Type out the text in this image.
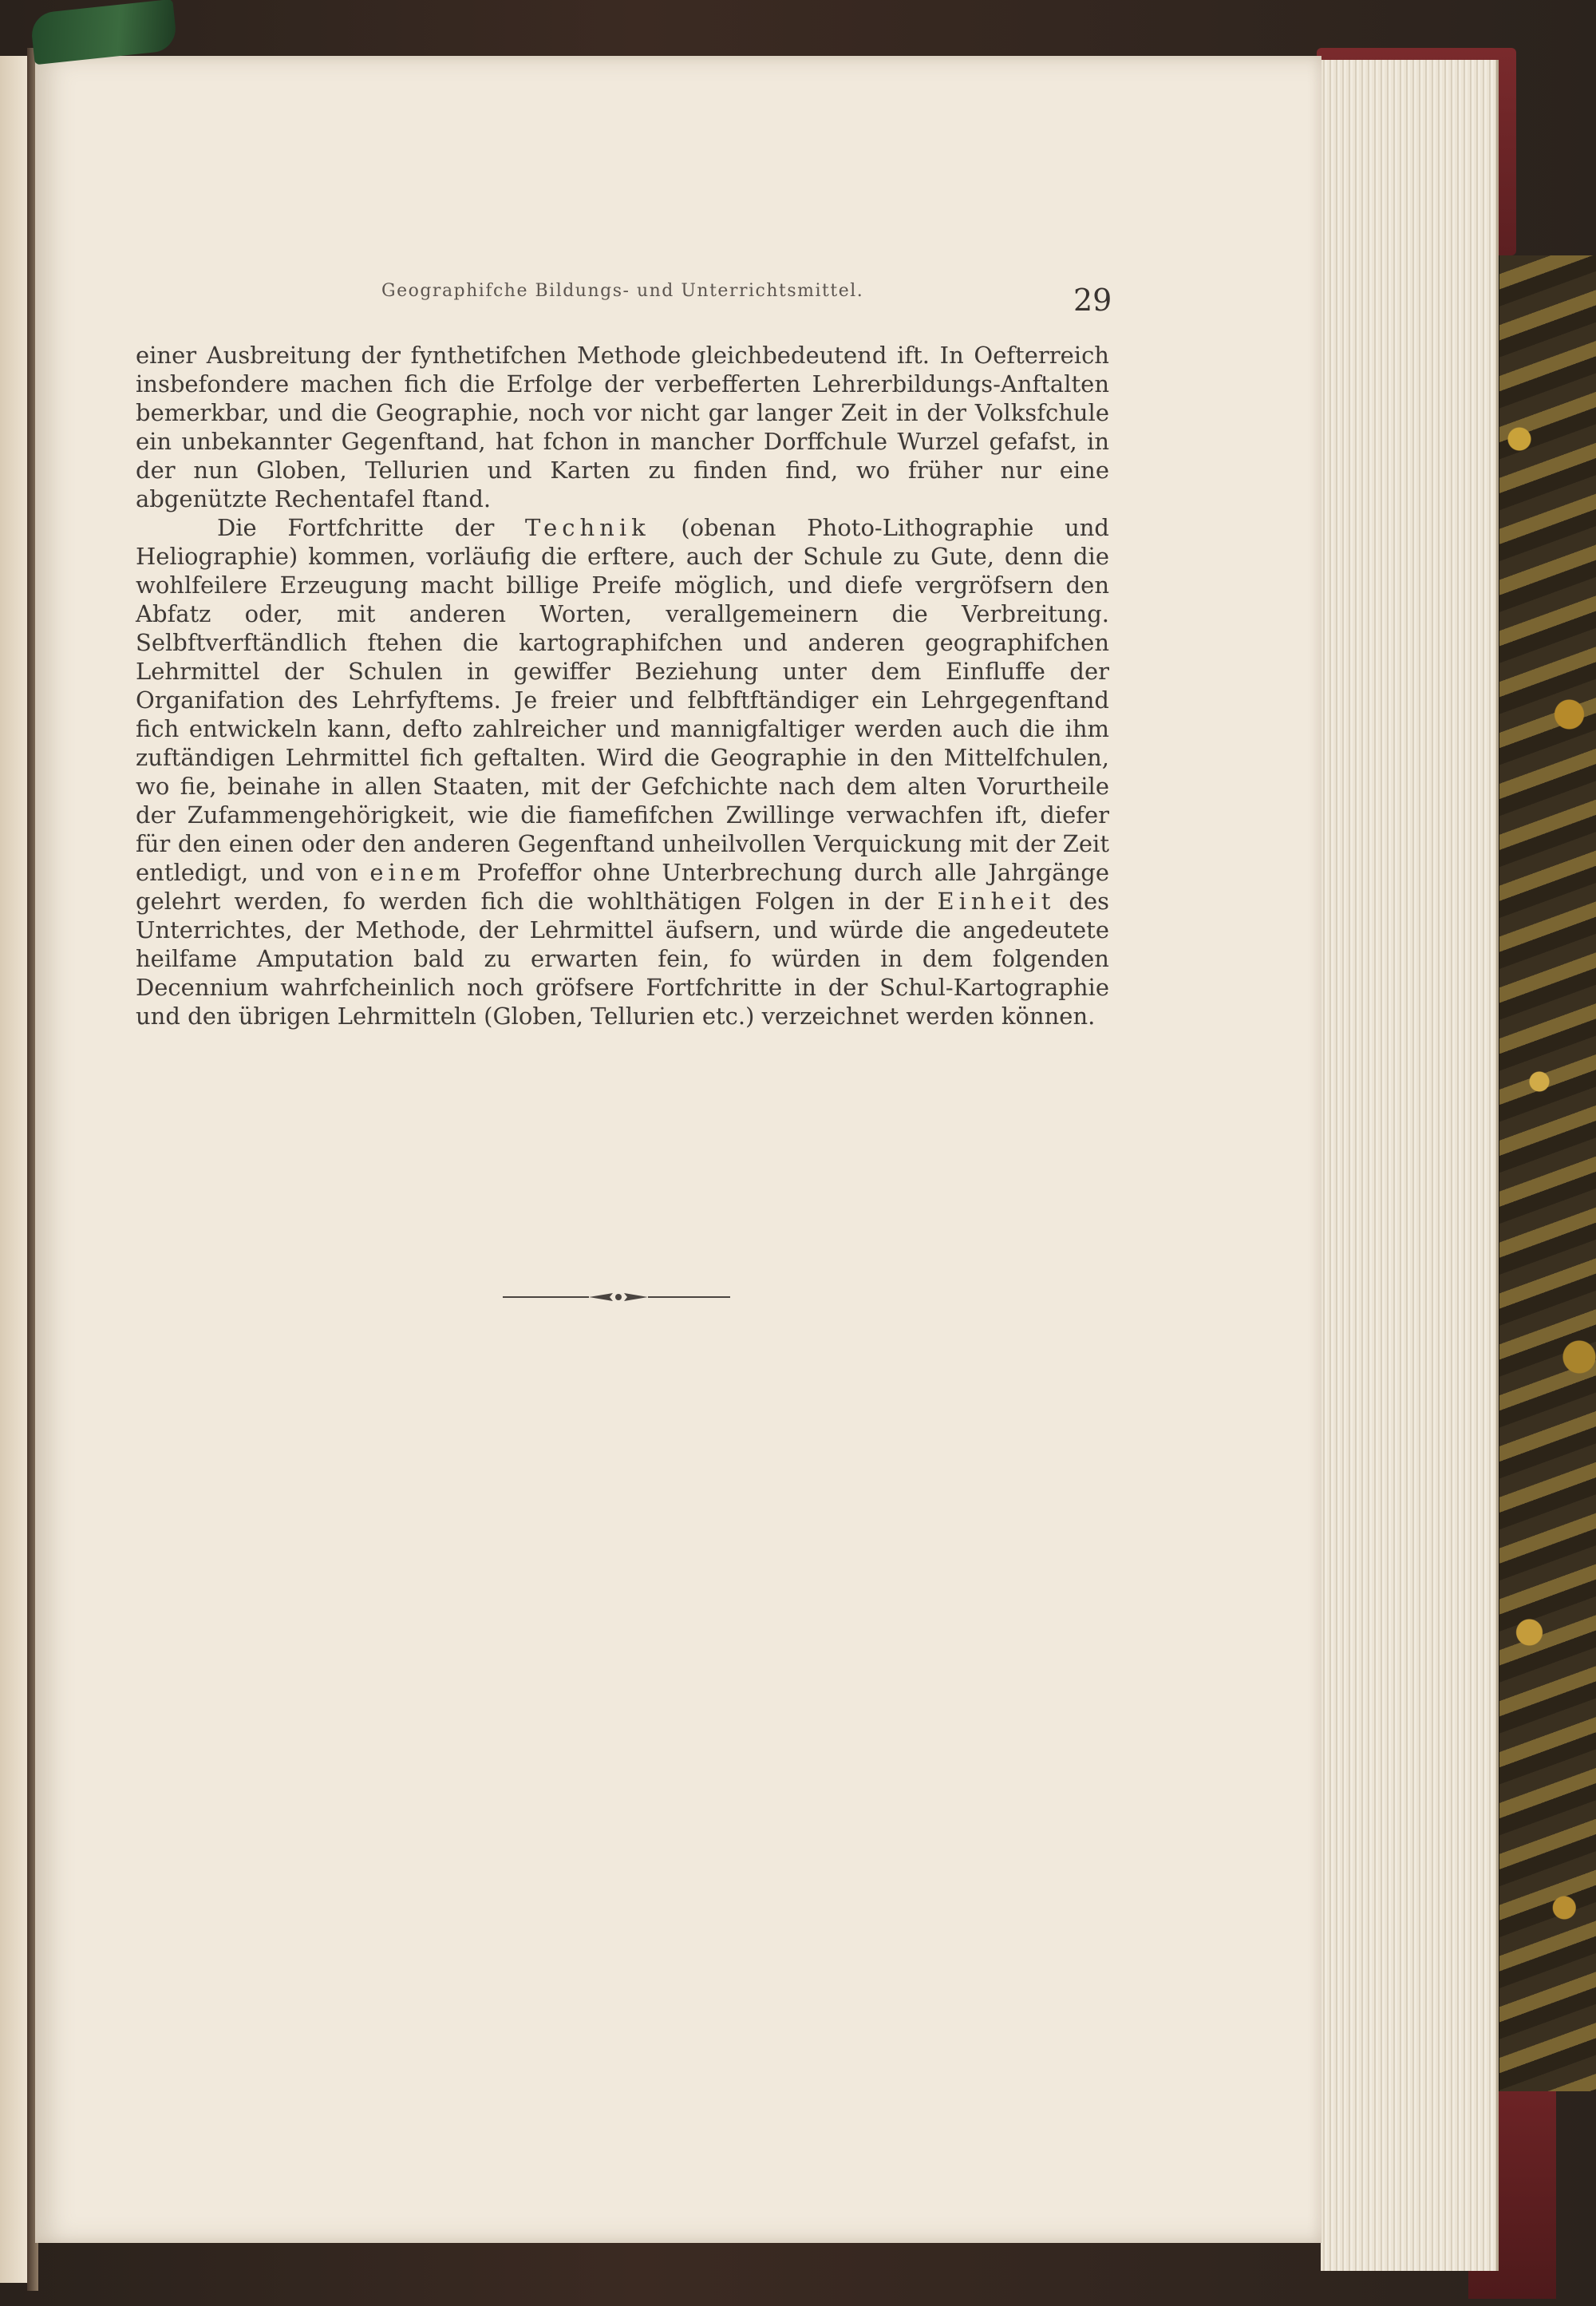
Geographifche Bildungs- und Unterrichtsmittel.	29

einer Ausbreitung der fynthetifchen Methode gleichbedeutend ift. In Oefterreich insbefondere machen fich die Erfolge der verbefferten Lehrerbildungs-Anftalten bemerkbar, und die Geographie, noch vor nicht gar langer Zeit in der Volksfchule ein unbekannter Gegenftand, hat fchon in mancher Dorffchule Wurzel gefafst, in der nun Globen, Tellurien und Karten zu finden find, wo früher nur eine abgenützte Rechentafel ftand.

Die Fortfchritte der Technik (obenan Photo-Lithographie und Heliographie) kommen, vorläufig die erftere, auch der Schule zu Gute, denn die wohlfeilere Erzeugung macht billige Preife möglich, und diefe vergröfsern den Abfatz oder, mit anderen Worten, verallgemeinern die Verbreitung. Selbftverftändlich ftehen die kartographifchen und anderen geographifchen Lehrmittel der Schulen in gewiffer Beziehung unter dem Einfluffe der Organifation des Lehrfyftems. Je freier und felbftftändiger ein Lehrgegenftand fich entwickeln kann, defto zahlreicher und mannigfaltiger werden auch die ihm zuftändigen Lehrmittel fich geftalten. Wird die Geographie in den Mittelfchulen, wo fie, beinahe in allen Staaten, mit der Gefchichte nach dem alten Vorurtheile der Zufammengehörigkeit, wie die fiamefifchen Zwillinge verwachfen ift, diefer für den einen oder den anderen Gegenftand unheilvollen Verquickung mit der Zeit entledigt, und von einem Profeffor ohne Unterbrechung durch alle Jahrgänge gelehrt werden, fo werden fich die wohlthätigen Folgen in der Einheit des Unterrichtes, der Methode, der Lehrmittel äufsern, und würde die angedeutete heilfame Amputation bald zu erwarten fein, fo würden in dem folgenden Decennium wahrfcheinlich noch gröfsere Fortfchritte in der Schul-Kartographie und den übrigen Lehrmitteln (Globen, Tellurien etc.) verzeichnet werden können.
